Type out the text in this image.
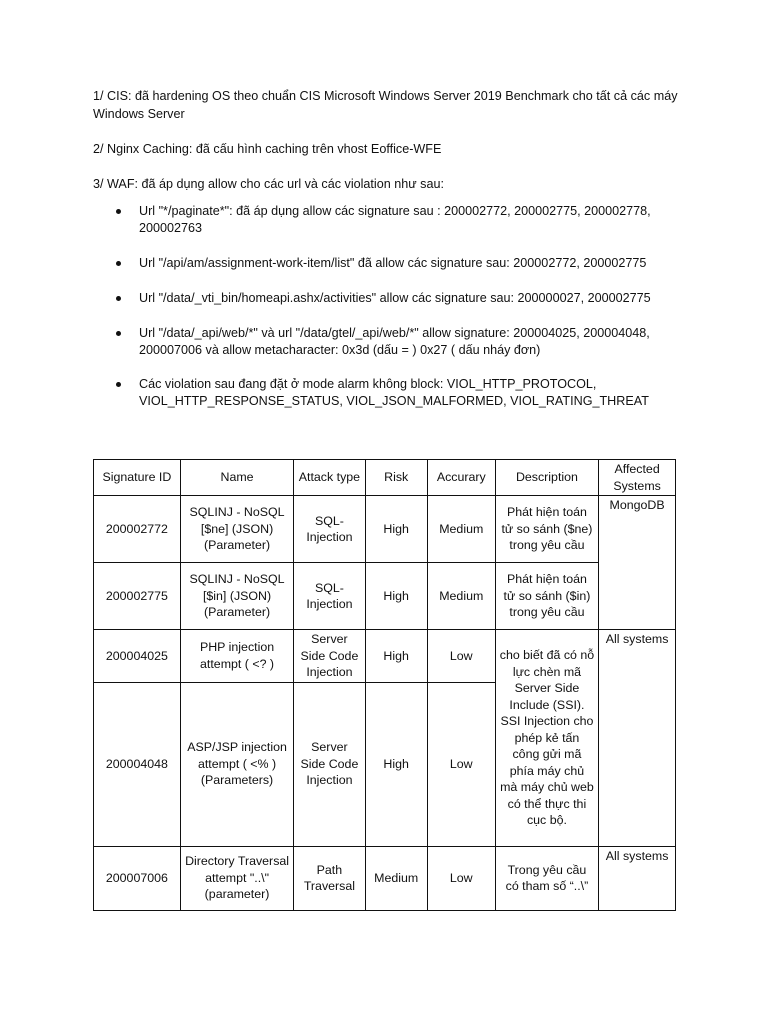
1/ CIS: đã hardening OS theo chuẩn CIS Microsoft Windows Server 2019 Benchmark cho tất cả các máy Windows Server
2/ Nginx Caching: đã cấu hình caching trên vhost Eoffice-WFE
3/ WAF: đã áp dụng allow cho các url và các violation như sau:
Url "*/paginate*": đã áp dụng allow các signature sau : 200002772, 200002775, 200002778, 200002763
Url "/api/am/assignment-work-item/list" đã allow các signature sau: 200002772, 200002775
Url "/data/_vti_bin/homeapi.ashx/activities" allow các signature sau: 200000027, 200002775
Url "/data/_api/web/*" và url "/data/gtel/_api/web/*" allow signature: 200004025, 200004048, 200007006 và allow metacharacter: 0x3d (dấu = ) 0x27 ( dấu nháy đơn)
Các violation sau đang đặt ở mode alarm không block: VIOL_HTTP_PROTOCOL, VIOL_HTTP_RESPONSE_STATUS, VIOL_JSON_MALFORMED, VIOL_RATING_THREAT
Signature ID	Name	Attack type	Risk	Accurary	Description	Affected Systems
200002772	SQLINJ - NoSQL [$ne] (JSON) (Parameter)	SQL-Injection	High	Medium	Phát hiện toán tử so sánh ($ne) trong yêu cầu	MongoDB
200002775	SQLINJ - NoSQL [$in] (JSON) (Parameter)	SQL-Injection	High	Medium	Phát hiện toán tử so sánh ($in) trong yêu cầu	
200004025	PHP injection attempt ( <? )	Server Side Code Injection	High	Low	cho biết đã có nỗ lực chèn mã Server Side Include (SSI). SSI Injection cho phép kẻ tấn công gửi mã phía máy chủ mà máy chủ web có thể thực thi cục bộ.	All systems
200004048	ASP/JSP injection attempt ( <% ) (Parameters)	Server Side Code Injection	High	Low		
200007006	Directory Traversal attempt "..\"(parameter)	Path Traversal	Medium	Low	Trong yêu cầu có tham số “..\”	All systems
